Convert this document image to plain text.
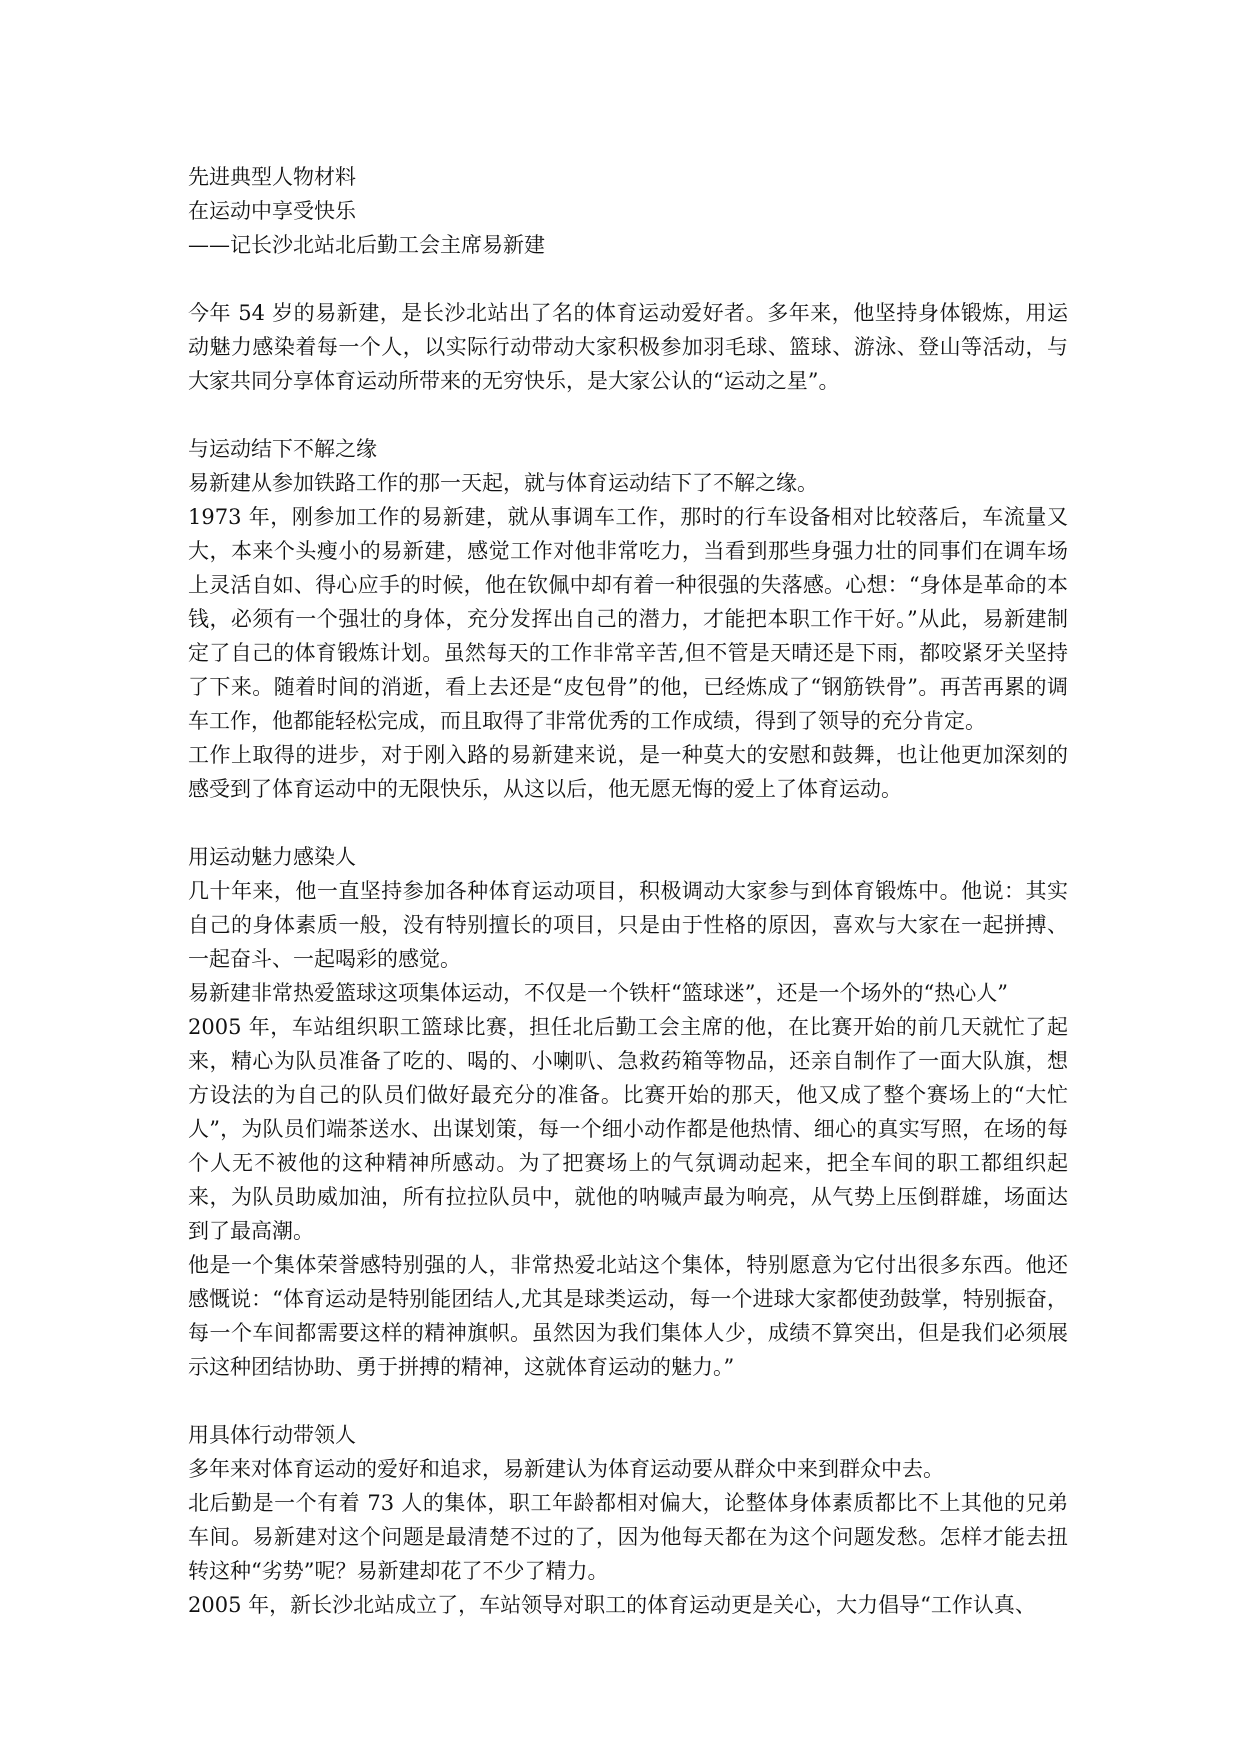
先进典型人物材料

在运动中享受快乐

——记长沙北站北后勤工会主席易新建

今年 54 岁的易新建，是长沙北站出了名的体育运动爱好者。多年来，他坚持身体锻炼，用运动魅力感染着每一个人，以实际行动带动大家积极参加羽毛球、篮球、游泳、登山等活动，与大家共同分享体育运动所带来的无穷快乐，是大家公认的“运动之星”。

与运动结下不解之缘

易新建从参加铁路工作的那一天起，就与体育运动结下了不解之缘。

1973 年，刚参加工作的易新建，就从事调车工作，那时的行车设备相对比较落后，车流量又大，本来个头瘦小的易新建，感觉工作对他非常吃力，当看到那些身强力壮的同事们在调车场上灵活自如、得心应手的时候，他在钦佩中却有着一种很强的失落感。心想：“身体是革命的本钱，必须有一个强壮的身体，充分发挥出自己的潜力，才能把本职工作干好。”从此，易新建制定了自己的体育锻炼计划。虽然每天的工作非常辛苦,但不管是天晴还是下雨，都咬紧牙关坚持了下来。随着时间的消逝，看上去还是“皮包骨”的他，已经炼成了“钢筋铁骨”。再苦再累的调车工作，他都能轻松完成，而且取得了非常优秀的工作成绩，得到了领导的充分肯定。

工作上取得的进步，对于刚入路的易新建来说，是一种莫大的安慰和鼓舞，也让他更加深刻的感受到了体育运动中的无限快乐，从这以后，他无愿无悔的爱上了体育运动。

用运动魅力感染人

几十年来，他一直坚持参加各种体育运动项目，积极调动大家参与到体育锻炼中。他说：其实自己的身体素质一般，没有特别擅长的项目，只是由于性格的原因，喜欢与大家在一起拼搏、一起奋斗、一起喝彩的感觉。

易新建非常热爱篮球这项集体运动，不仅是一个铁杆“篮球迷”，还是一个场外的“热心人”

2005 年，车站组织职工篮球比赛，担任北后勤工会主席的他，在比赛开始的前几天就忙了起来，精心为队员准备了吃的、喝的、小喇叭、急救药箱等物品，还亲自制作了一面大队旗，想方设法的为自己的队员们做好最充分的准备。比赛开始的那天，他又成了整个赛场上的“大忙人”，为队员们端茶送水、出谋划策，每一个细小动作都是他热情、细心的真实写照，在场的每个人无不被他的这种精神所感动。为了把赛场上的气氛调动起来，把全车间的职工都组织起来，为队员助威加油，所有拉拉队员中，就他的呐喊声最为响亮，从气势上压倒群雄，场面达到了最高潮。

他是一个集体荣誉感特别强的人，非常热爱北站这个集体，特别愿意为它付出很多东西。他还感慨说：“体育运动是特别能团结人,尤其是球类运动，每一个进球大家都使劲鼓掌，特别振奋，每一个车间都需要这样的精神旗帜。虽然因为我们集体人少，成绩不算突出，但是我们必须展示这种团结协助、勇于拼搏的精神，这就体育运动的魅力。”

用具体行动带领人

多年来对体育运动的爱好和追求，易新建认为体育运动要从群众中来到群众中去。

北后勤是一个有着 73 人的集体，职工年龄都相对偏大，论整体身体素质都比不上其他的兄弟车间。易新建对这个问题是最清楚不过的了，因为他每天都在为这个问题发愁。怎样才能去扭转这种“劣势”呢？易新建却花了不少了精力。

2005 年，新长沙北站成立了，车站领导对职工的体育运动更是关心，大力倡导“工作认真、
